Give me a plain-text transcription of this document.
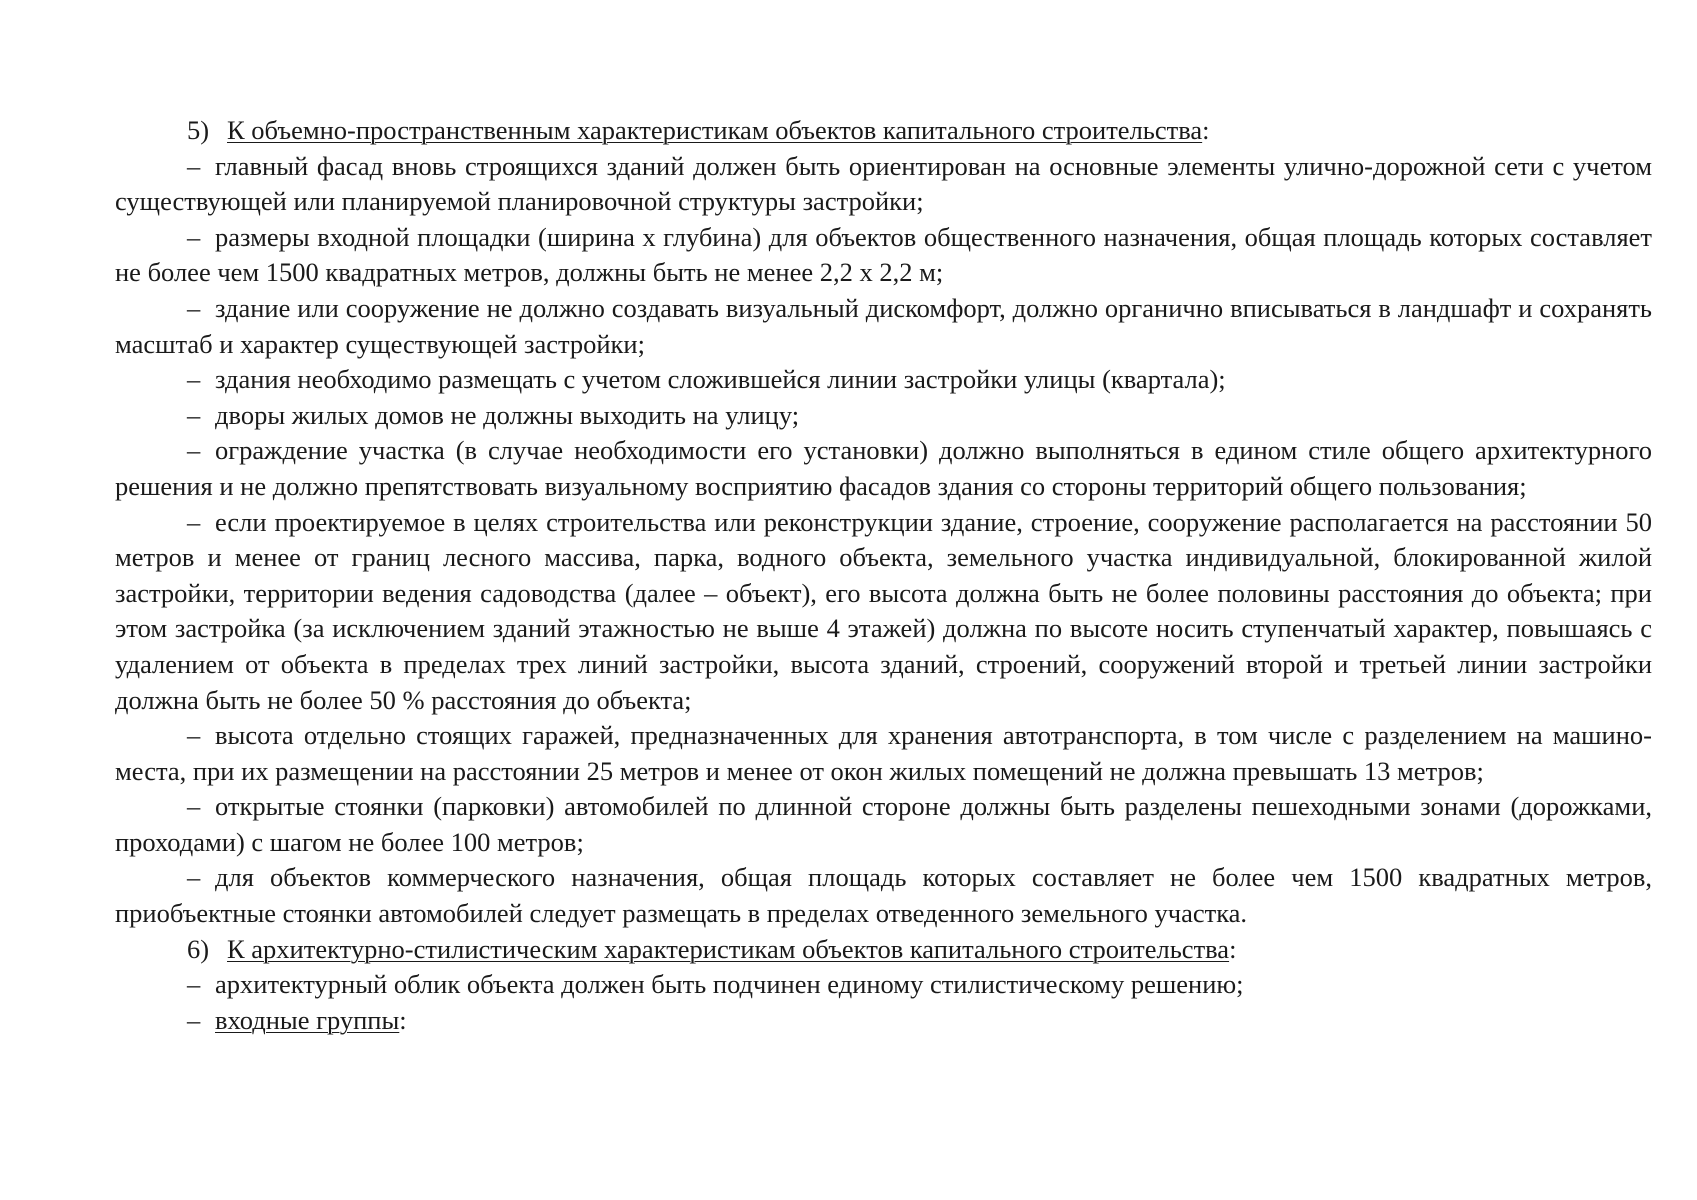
5) К объемно-пространственным характеристикам объектов капитального строительства:

– главный фасад вновь строящихся зданий должен быть ориентирован на основные элементы улично-дорожной сети с учетом существующей или планируемой планировочной структуры застройки;

– размеры входной площадки (ширина х глубина) для объектов общественного назначения, общая площадь которых составляет не более чем 1500 квадратных метров, должны быть не менее 2,2 х 2,2 м;

– здание или сооружение не должно создавать визуальный дискомфорт, должно органично вписываться в ландшафт и сохранять масштаб и характер существующей застройки;

– здания необходимо размещать с учетом сложившейся линии застройки улицы (квартала);

– дворы жилых домов не должны выходить на улицу;

– ограждение участка (в случае необходимости его установки) должно выполняться в едином стиле общего архитектурного решения и не должно препятствовать визуальному восприятию фасадов здания со стороны территорий общего пользования;

– если проектируемое в целях строительства или реконструкции здание, строение, сооружение располагается на расстоянии 50 метров и менее от границ лесного массива, парка, водного объекта, земельного участка индивидуальной, блокированной жилой застройки, территории ведения садоводства (далее – объект), его высота должна быть не более половины расстояния до объекта; при этом застройка (за исключением зданий этажностью не выше 4 этажей) должна по высоте носить ступенчатый характер, повышаясь с удалением от объекта в пределах трех линий застройки, высота зданий, строений, сооружений второй и третьей линии застройки должна быть не более 50 % расстояния до объекта;

– высота отдельно стоящих гаражей, предназначенных для хранения автотранспорта, в том числе с разделением на машино-места, при их размещении на расстоянии 25 метров и менее от окон жилых помещений не должна превышать 13 метров;

– открытые стоянки (парковки) автомобилей по длинной стороне должны быть разделены пешеходными зонами (дорожками, проходами) с шагом не более 100 метров;

– для объектов коммерческого назначения, общая площадь которых составляет не более чем 1500 квадратных метров, приобъектные стоянки автомобилей следует размещать в пределах отведенного земельного участка.

6) К архитектурно-стилистическим характеристикам объектов капитального строительства:

– архитектурный облик объекта должен быть подчинен единому стилистическому решению;

– входные группы:
